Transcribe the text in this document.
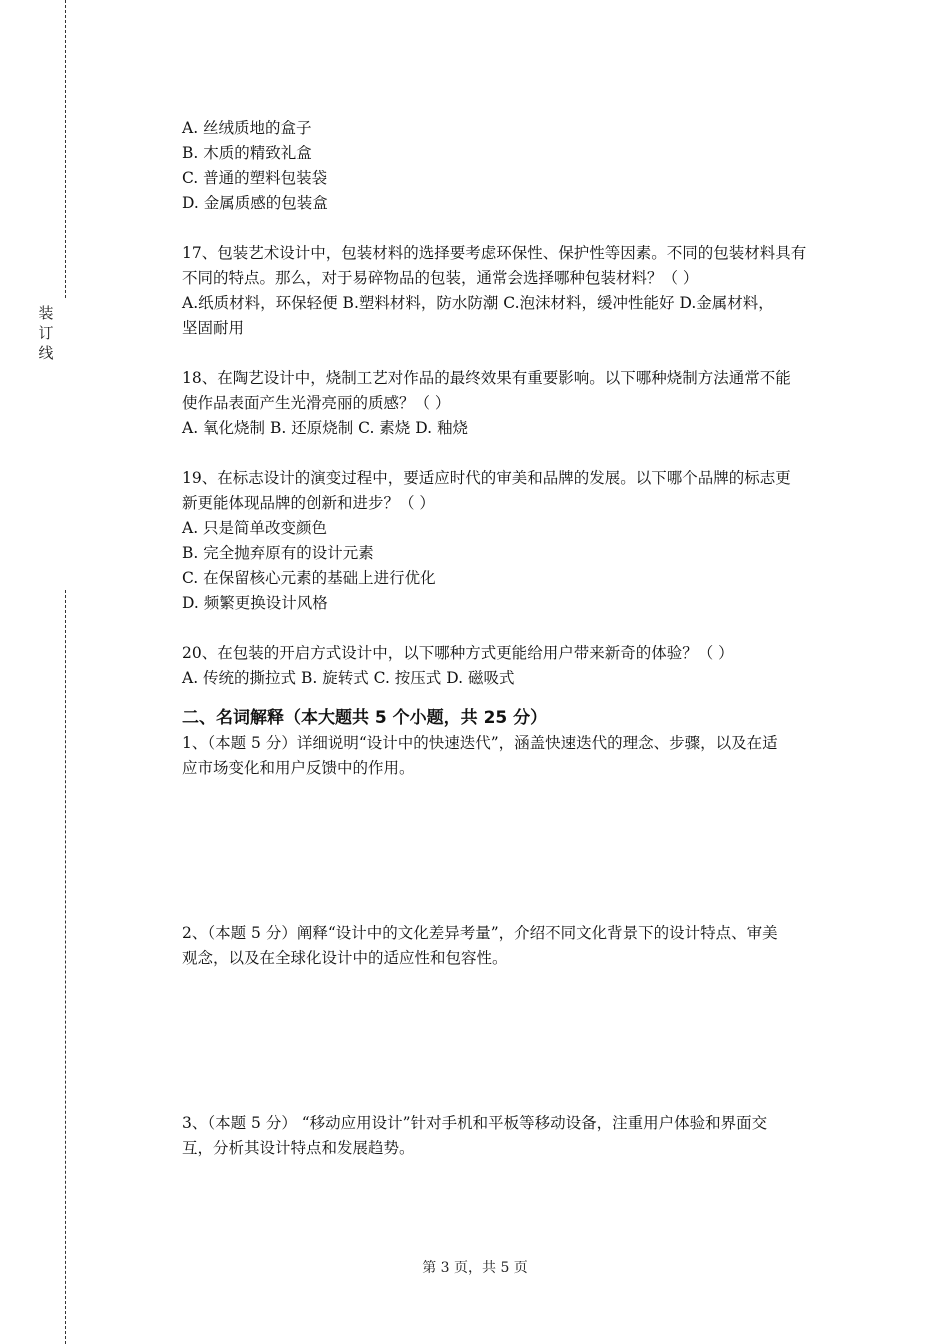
装
订
线
A. 丝绒质地的盒子
B. 木质的精致礼盒
C. 普通的塑料包装袋
D. 金属质感的包装盒
17、包装艺术设计中，包装材料的选择要考虑环保性、保护性等因素。不同的包装材料具有
不同的特点。那么，对于易碎物品的包装，通常会选择哪种包装材料？（ ）
A.纸质材料，环保轻便 B.塑料材料，防水防潮 C.泡沫材料，缓冲性能好 D.金属材料，
坚固耐用
18、在陶艺设计中，烧制工艺对作品的最终效果有重要影响。以下哪种烧制方法通常不能
使作品表面产生光滑亮丽的质感？（ ）
A. 氧化烧制 B. 还原烧制 C. 素烧 D. 釉烧
19、在标志设计的演变过程中，要适应时代的审美和品牌的发展。以下哪个品牌的标志更
新更能体现品牌的创新和进步？（ ）
A. 只是简单改变颜色
B. 完全抛弃原有的设计元素
C. 在保留核心元素的基础上进行优化
D. 频繁更换设计风格
20、在包装的开启方式设计中，以下哪种方式更能给用户带来新奇的体验？（ ）
A. 传统的撕拉式 B. 旋转式 C. 按压式 D. 磁吸式
二、名词解释（本大题共 5 个小题，共 25 分）
1、（本题 5 分）详细说明“设计中的快速迭代”，涵盖快速迭代的理念、步骤，以及在适
应市场变化和用户反馈中的作用。
2、（本题 5 分）阐释“设计中的文化差异考量”，介绍不同文化背景下的设计特点、审美
观念，以及在全球化设计中的适应性和包容性。
3、（本题 5 分） “移动应用设计”针对手机和平板等移动设备，注重用户体验和界面交
互，分析其设计特点和发展趋势。
第 3 页，共 5 页
